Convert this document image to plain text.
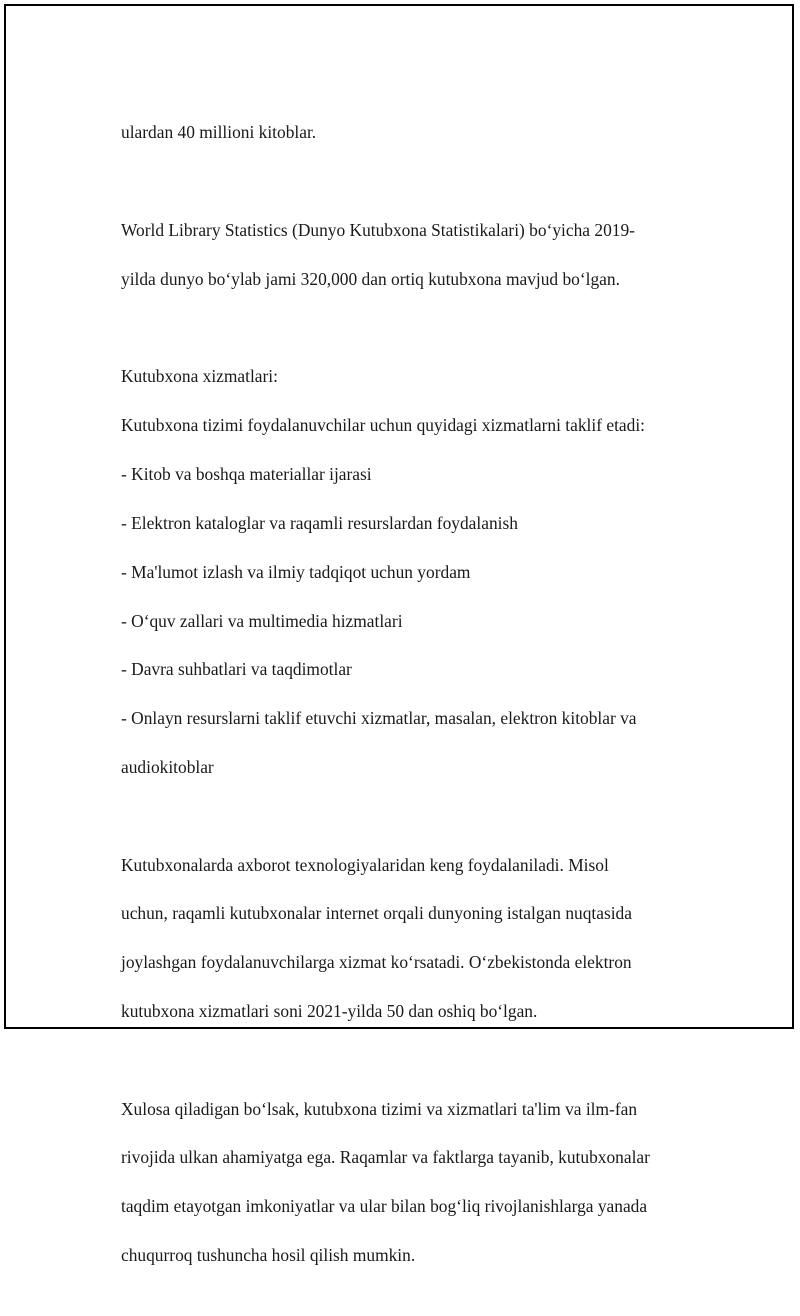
ulardan 40 millioni kitoblar.

World Library Statistics (Dunyo Kutubxona Statistikalari) bo‘yicha 2019-

yilda dunyo bo‘ylab jami 320,000 dan ortiq kutubxona mavjud bo‘lgan.

Kutubxona xizmatlari:

Kutubxona tizimi foydalanuvchilar uchun quyidagi xizmatlarni taklif etadi:

- Kitob va boshqa materiallar ijarasi

- Elektron kataloglar va raqamli resurslardan foydalanish

- Ma'lumot izlash va ilmiy tadqiqot uchun yordam

- O‘quv zallari va multimedia hizmatlari

- Davra suhbatlari va taqdimotlar

- Onlayn resurslarni taklif etuvchi xizmatlar, masalan, elektron kitoblar va

audiokitoblar

Kutubxonalarda axborot texnologiyalaridan keng foydalaniladi. Misol

uchun, raqamli kutubxonalar internet orqali dunyoning istalgan nuqtasida

joylashgan foydalanuvchilarga xizmat ko‘rsatadi. O‘zbekistonda elektron

kutubxona xizmatlari soni 2021-yilda 50 dan oshiq bo‘lgan.

Xulosa qiladigan bo‘lsak, kutubxona tizimi va xizmatlari ta'lim va ilm-fan

rivojida ulkan ahamiyatga ega. Raqamlar va faktlarga tayanib, kutubxonalar

taqdim etayotgan imkoniyatlar va ular bilan bog‘liq rivojlanishlarga yanada

chuqurroq tushuncha hosil qilish mumkin.
